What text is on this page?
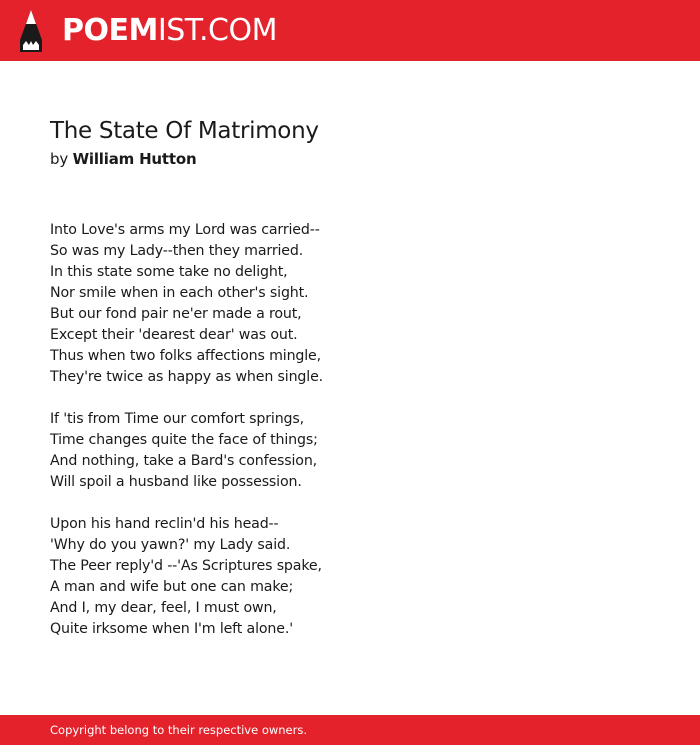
POEMIST.COM
The State Of Matrimony
by William Hutton
Into Love's arms my Lord was carried--
So was my Lady--then they married.
In this state some take no delight,
Nor smile when in each other's sight.
But our fond pair ne'er made a rout,
Except their 'dearest dear' was out.
Thus when two folks affections mingle,
They're twice as happy as when single.
If 'tis from Time our comfort springs,
Time changes quite the face of things;
And nothing, take a Bard's confession,
Will spoil a husband like possession.
Upon his hand reclin'd his head--
'Why do you yawn?' my Lady said.
The Peer reply'd --'As Scriptures spake,
A man and wife but one can make;
And I, my dear, feel, I must own,
Quite irksome when I'm left alone.'
Copyright belong to their respective owners.
